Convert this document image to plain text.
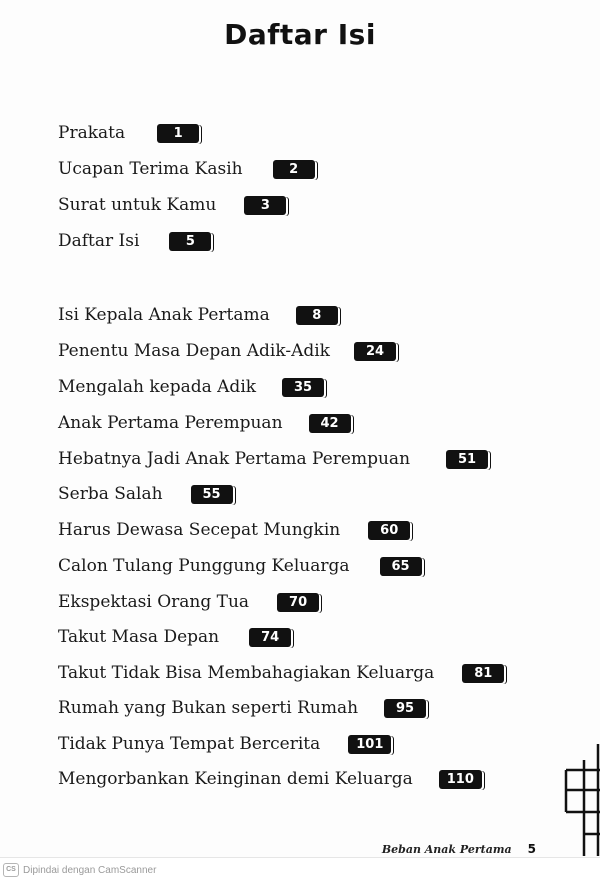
Daftar Isi
Prakata	1
Ucapan Terima Kasih	2
Surat untuk Kamu	3
Daftar Isi	5
Isi Kepala Anak Pertama	8
Penentu Masa Depan Adik-Adik	24
Mengalah kepada Adik	35
Anak Pertama Perempuan	42
Hebatnya Jadi Anak Pertama Perempuan	51
Serba Salah	55
Harus Dewasa Secepat Mungkin	60
Calon Tulang Punggung Keluarga	65
Ekspektasi Orang Tua	70
Takut Masa Depan	74
Takut Tidak Bisa Membahagiakan Keluarga	81
Rumah yang Bukan seperti Rumah	95
Tidak Punya Tempat Bercerita	101
Mengorbankan Keinginan demi Keluarga	110
Beban Anak Pertama 5
CS Dipindai dengan CamScanner
